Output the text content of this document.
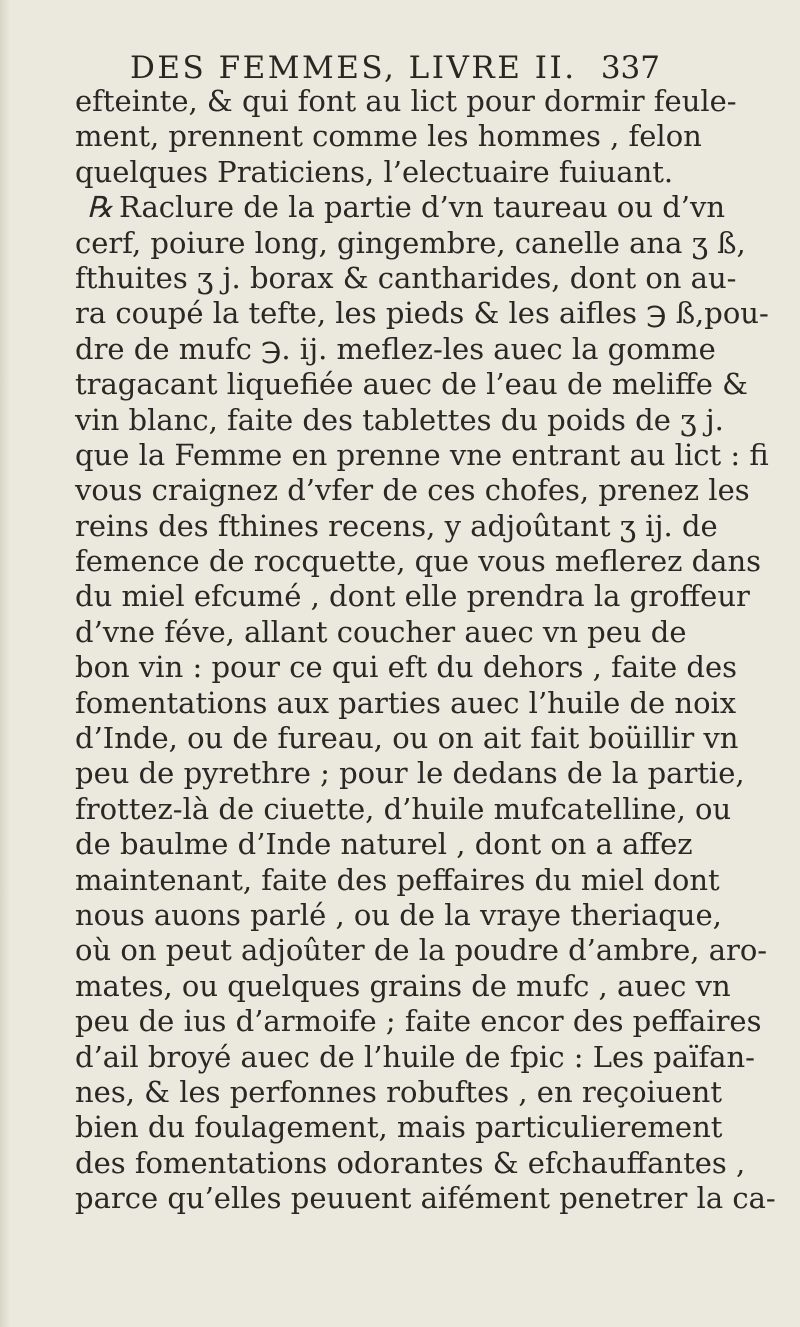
DES FEMMES, LIVRE II. 337
efteinte, & qui font au lict pour dormir feule-
ment, prennent comme les hommes , felon
quelques Praticiens, l’electuaire fuiuant.
℞ Raclure de la partie d’vn taureau ou d’vn
cerf, poiure long, gingembre, canelle ana ʒ ß,
fthuites ʒ j. borax & cantharides, dont on au-
ra coupé la tefte, les pieds & les aifles ℈ ß,pou-
dre de mufc ℈. ij. meflez-les auec la gomme
tragacant liquefiée auec de l’eau de meliffe &
vin blanc, faite des tablettes du poids de ʒ j.
que la Femme en prenne vne entrant au lict : fi
vous craignez d’vfer de ces chofes, prenez les
reins des fthines recens, y adjoûtant ʒ ij. de
femence de rocquette, que vous meflerez dans
du miel efcumé , dont elle prendra la groffeur
d’vne féve, allant coucher auec vn peu de
bon vin : pour ce qui eft du dehors , faite des
fomentations aux parties auec l’huile de noix
d’Inde, ou de fureau, ou on ait fait boüillir vn
peu de pyrethre ; pour le dedans de la partie,
frottez-là de ciuette, d’huile mufcatelline, ou
de baulme d’Inde naturel , dont on a affez
maintenant, faite des peffaires du miel dont
nous auons parlé , ou de la vraye theriaque,
où on peut adjoûter de la poudre d’ambre, aro-
mates, ou quelques grains de mufc , auec vn
peu de ius d’armoife ; faite encor des peffaires
d’ail broyé auec de l’huile de fpic : Les païfan-
nes, & les perfonnes robuftes , en reçoiuent
bien du foulagement, mais particulierement
des fomentations odorantes & efchauffantes ,
parce qu’elles peuuent aifément penetrer la ca-
